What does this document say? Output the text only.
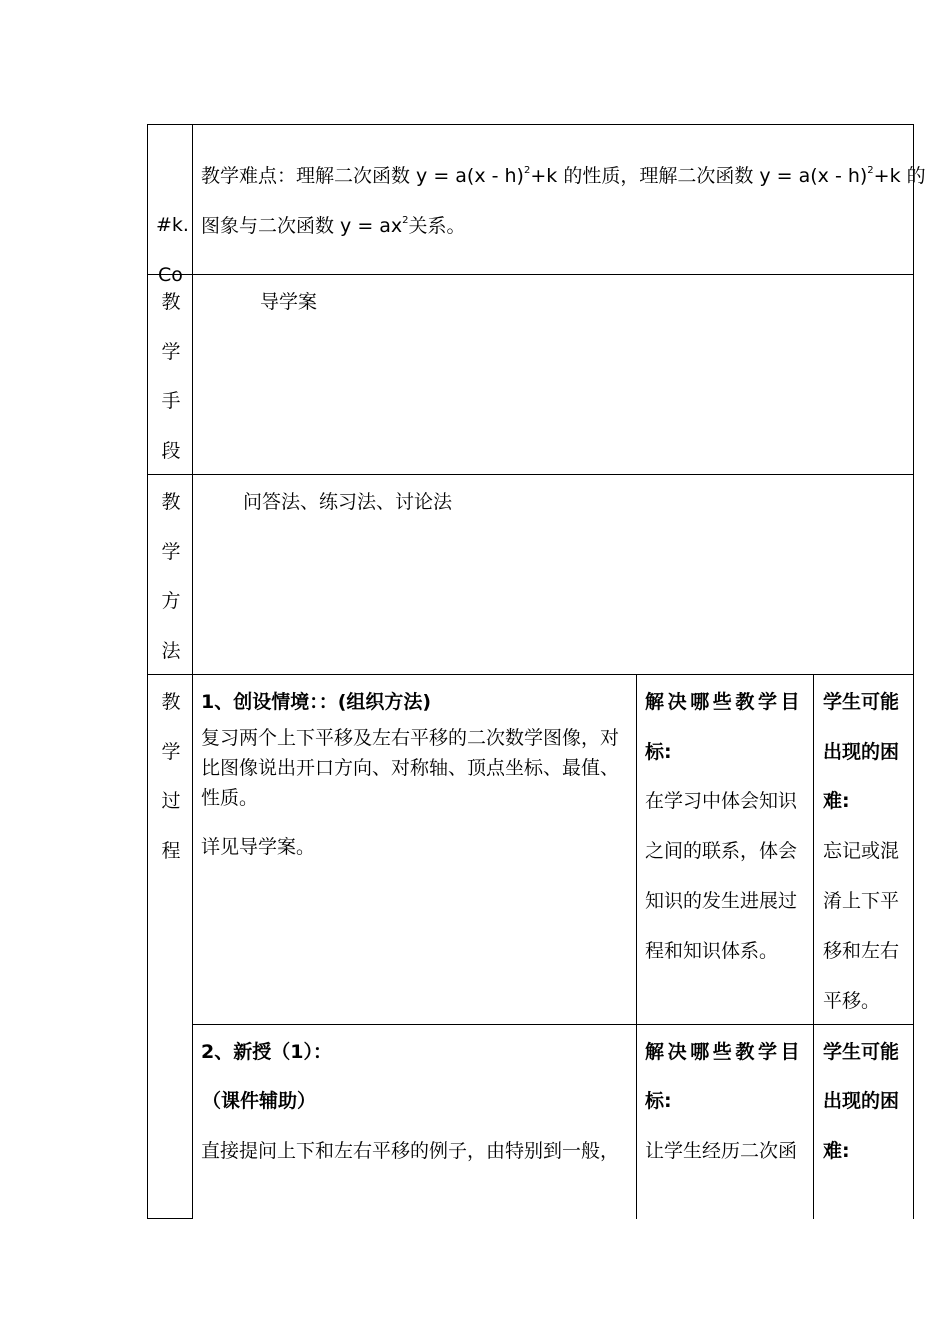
#k.
Co
教学难点：理解二次函数 y = a(x - h)$^2$+k 的性质，理解二次函数 y = a(x - h)$^2$+k 的
图象与二次函数 $y = ax^2$关系。
教
学
手
段
导学案
教
学
方
法
问答法、练习法、讨论法
教
学
过
程
1、创设情境：：(组织方法)
复习两个上下平移及左右平移的二次数学图像，对比图像说出开口方向、对称轴、顶点坐标、最值、性质。
详见导学案。
解决哪些教学目
标:
在学习中体会知识
之间的联系，体会
知识的发生进展过
程和知识体系。
学生可能
出现的困
难:
忘记或混
淆上下平
移和左右
平移。
2、新授（1）：
（课件辅助）
直接提问上下和左右平移的例子，由特别到一般，
解决哪些教学目
标:
让学生经历二次函
学生可能
出现的困
难:
